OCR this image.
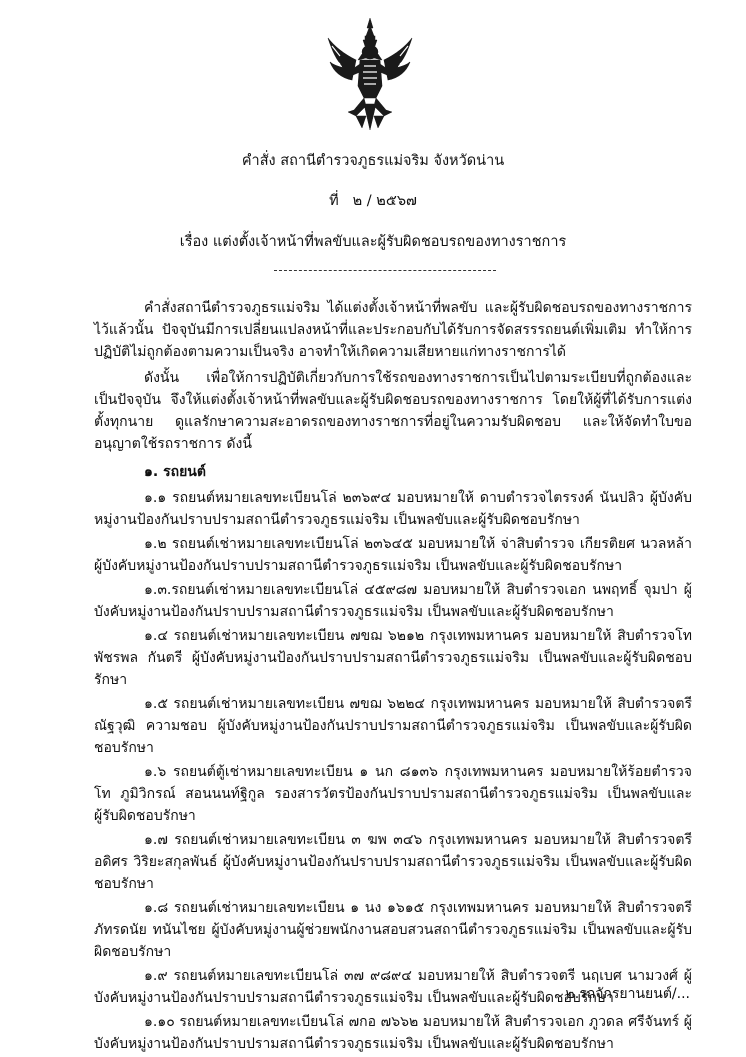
คำสั่ง สถานีตำรวจภูธรแม่จริม จังหวัดน่าน
ที่ ๒ / ๒๕๖๗
เรื่อง แต่งตั้งเจ้าหน้าที่พลขับและผู้รับผิดชอบรถของทางราชการ

คำสั่งสถานีตำรวจภูธรแม่จริม ได้แต่งตั้งเจ้าหน้าที่พลขับ และผู้รับผิดชอบรถของทางราชการไว้แล้วนั้น ปัจจุบันมีการเปลี่ยนแปลงหน้าที่และประกอบกับได้รับการจัดสรรรถยนต์เพิ่มเติม ทำให้การปฏิบัติไม่ถูกต้องตามความเป็นจริง อาจทำให้เกิดความเสียหายแก่ทางราชการได้

ดังนั้น เพื่อให้การปฏิบัติเกี่ยวกับการใช้รถของทางราชการเป็นไปตามระเบียบที่ถูกต้องและเป็นปัจจุบัน จึงให้แต่งตั้งเจ้าหน้าที่พลขับและผู้รับผิดชอบรถของทางราชการ โดยให้ผู้ที่ได้รับการแต่งตั้งทุกนาย ดูแลรักษาความสะอาดรถของทางราชการที่อยู่ในความรับผิดชอบ และให้จัดทำใบขออนุญาตใช้รถราชการ ดังนี้

๑. รถยนต์

๑.๑ รถยนต์หมายเลขทะเบียนโล่ ๒๓๖๙๔ มอบหมายให้ ดาบตำรวจไตรรงค์ นันปลิว ผู้บังคับหมู่งานป้องกันปราบปรามสถานีตำรวจภูธรแม่จริม เป็นพลขับและผู้รับผิดชอบรักษา

๑.๒ รถยนต์เช่าหมายเลขทะเบียนโล่ ๒๓๖๔๕ มอบหมายให้ จ่าสิบตำรวจ เกียรติยศ นวลหล้า ผู้บังคับหมู่งานป้องกันปราบปรามสถานีตำรวจภูธรแม่จริม เป็นพลขับและผู้รับผิดชอบรักษา

๑.๓.รถยนต์เช่าหมายเลขทะเบียนโล่ ๔๕๙๘๗ มอบหมายให้ สิบตำรวจเอก นพฤทธิ์ จุมปา ผู้บังคับหมู่งานป้องกันปราบปรามสถานีตำรวจภูธรแม่จริม เป็นพลขับและผู้รับผิดชอบรักษา

๑.๔ รถยนต์เช่าหมายเลขทะเบียน ๗ขฌ ๖๒๑๒ กรุงเทพมหานคร มอบหมายให้ สิบตำรวจโท พัชรพล กันตรี ผู้บังคับหมู่งานป้องกันปราบปรามสถานีตำรวจภูธรแม่จริม เป็นพลขับและผู้รับผิดชอบรักษา

๑.๕ รถยนต์เช่าหมายเลขทะเบียน ๗ขฌ ๖๒๒๔ กรุงเทพมหานคร มอบหมายให้ สิบตำรวจตรี ณัฐวุฒิ ความชอบ ผู้บังคับหมู่งานป้องกันปราบปรามสถานีตำรวจภูธรแม่จริม เป็นพลขับและผู้รับผิดชอบรักษา

๑.๖ รถยนต์ตู้เช่าหมายเลขทะเบียน ๑ นก ๘๑๓๖ กรุงเทพมหานคร มอบหมายให้ร้อยตำรวจโท ภูมิวิกรณ์ สอนนนท์ฐิกูล รองสารวัตรป้องกันปราบปรามสถานีตำรวจภูธรแม่จริม เป็นพลขับและผู้รับผิดชอบรักษา

๑.๗ รถยนต์เช่าหมายเลขทะเบียน ๓ ฆพ ๓๔๖ กรุงเทพมหานคร มอบหมายให้ สิบตำรวจตรี อดิศร วิริยะสกุลพันธ์ ผู้บังคับหมู่งานป้องกันปราบปรามสถานีตำรวจภูธรแม่จริม เป็นพลขับและผู้รับผิดชอบรักษา

๑.๘ รถยนต์เช่าหมายเลขทะเบียน ๑ นง ๑๖๑๕ กรุงเทพมหานคร มอบหมายให้ สิบตำรวจตรี ภัทรดนัย ทนันไชย ผู้บังคับหมู่งานผู้ช่วยพนักงานสอบสวนสถานีตำรวจภูธรแม่จริม เป็นพลขับและผู้รับผิดชอบรักษา

๑.๙ รถยนต์หมายเลขทะเบียนโล่ ๓๗ ๙๘๙๔ มอบหมายให้ สิบตำรวจตรี นฤเบศ นามวงศ์ ผู้บังคับหมู่งานป้องกันปราบปรามสถานีตำรวจภูธรแม่จริม เป็นพลขับและผู้รับผิดชอบรักษา

๑.๑๐ รถยนต์หมายเลขทะเบียนโล่ ๗กอ ๗๖๖๒ มอบหมายให้ สิบตำรวจเอก ภูวดล ศรีจันทร์ ผู้บังคับหมู่งานป้องกันปราบปรามสถานีตำรวจภูธรแม่จริม เป็นพลขับและผู้รับผิดชอบรักษา

๒.รถจักรยานยนต์/...
